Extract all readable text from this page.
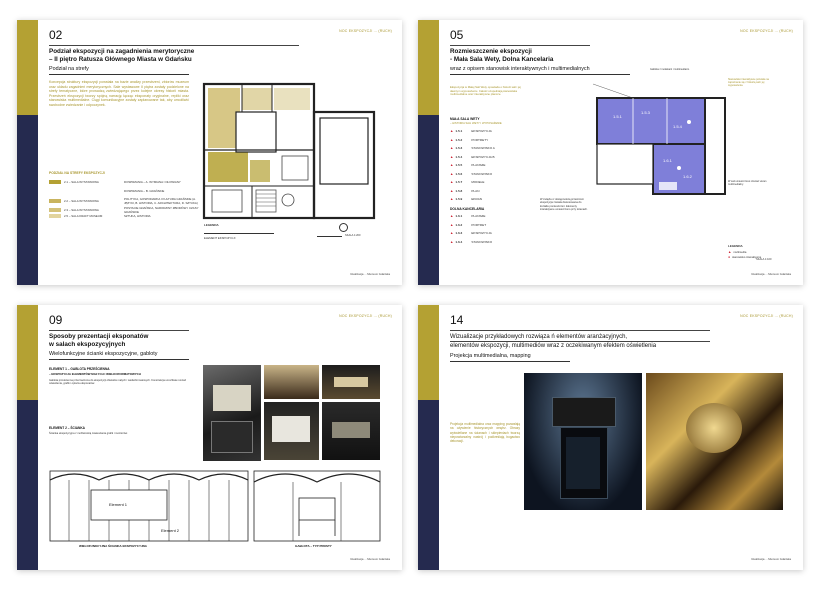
NOC EKSPOZYCJI ... (RUCH)
02
Podział ekspozycji na zagadnienia merytoryczne
– II piętro Ratusza Głównego Miasta w Gdańsku
Podział na strefy
Koncepcja struktury ekspozycji powstała na bazie analizy przestrzeni, zbiorów muzeum oraz układu zagadnień merytorycznych. Sale wystawowe II piętra zostały podzielone na strefy tematyczne, które prowadzą zwiedzającego przez kolejne okresy historii miasta. Przestrzeń ekspozycji tworzy spójną narrację łącząc eksponaty oryginalne, repliki oraz stanowiska multimedialne. Ciągi komunikacyjne zostały zaplanowane tak, aby umożliwić swobodne zwiedzanie i odpoczynek.
PODZIAŁ NA STREFY EKSPOZYCJI
LEGENDA
ELEMENT EKSPOZYCJI
SKALA 1:200
Realizacja ... Muzeum Gdańska
2.1 – SALA WYSTAWOWA	DOSPRZANIA – A. WYMIANA I OŁOWIANY
DOSPRZANIA – B. GDAŃSKIE
2.2 – SALA WYSTAWOWA	POLITYKA, GOSPODARKA I KULTURA GDAŃSKIE (A. JĘZYKI, B. HISTORIA, C. ARCHITEKTURA, D. SZTUKA)
2.3 – SALA WYSTAWOWA	POSTACIE GDAŃSKA, NARODZINY ZBIORÓW I CZASY GDAŃSKIE
2.5 – SALA KRAFT MUSEUM	SZTUKA, HISTORIA
NOC EKSPOZYCJI ... (RUCH)
05
Rozmieszczenie ekspozycji
- Mała Sala Wety, Dolna Kancelaria
wraz z opisem stanowisk interaktywnych i multimedialnych
Ekspozycja w Małej Sali Wety opowiada o historii sali i jej dawnym wyposażeniu. Całość uzupełniają stanowiska multimedialne oraz interaktywne plansze.
MAŁA SALA WETY
– HISTORIA SALI WETY I WYPOSAŻENIE
DOLNA KANCELARIA
W związku z dostępnością przestrzeni ekspozycja została dostosowana do kształtu pomieszczeń. Elementy interaktywne umieszczono przy ścianach.
1.5.1
1.5.3
1.5.4
1.6.1
1.6.2
Gablota z modelami i multimediami.
Stanowisko interaktywne pozwala na zapoznanie się z historią sali i jej wyposażenia.
W sali umieszczono również ekran multimedialny.
LEGENDA
SKALA 1:100
Realizacja ... Muzeum Gdańska
▲ 1.5.1	EKSPOZYCJA
▲ 1.5.2	PORTRETY
▲ 1.5.3	STANOWISKO A
▲ 1.5.4	EKSPOZYCJA B
▲ 1.5.5	PLANSZE
▲ 1.5.6	STANOWISKO
▲ 1.5.7	MODELE
▲ 1.5.8	PLAN
▲ 1.5.9	EKRAN
▲ 1.6.1	PLANSZE
▲ 1.6.2	PORTRET
▲ 1.6.3	EKSPOZYCJA
▲ 1.6.4	STANOWISKO
▲ multimedia
● stanowisko interaktywne
NOC EKSPOZYCJI ... (RUCH)
09
Sposoby prezentacji eksponatów
w salach ekspozycyjnych
Wielofunkcyjne ścianki ekspozycyjne, gabloty
ELEMENT 1 – GABLOTA PRZEŚCIENNA
– EKSPOZYCJA ELEMENTÓW MAŁYCH I WIELKOFORMATOWYCH
Gablota prześcienna przeznaczona do ekspozycji obiektów małych i wielkoformatowych. Konstrukcja umożliwia montaż oświetlenia, grafik i opisów eksponatów.
ELEMENT 2 – ŚCIANKA
Ścianka ekspozycyjna z możliwością zawieszania grafik i monitorów.
Element 1
Element 2
WIELOFUNKCYJNA ŚCIANKA EKSPOZYCYJNA	GABLOTA – TYP PROSTY
Realizacja ... Muzeum Gdańska
NOC EKSPOZYCJI ... (RUCH)
14
Wizualizacje przykładowych rozwiąza ń elementów aranżacyjnych,
elementów ekspozycji, multimediów wraz z oczekiwanym efektem oświetlenia
Projekcja multimedialna, mapping
Projekcja multimedialna oraz mapping pozwalają na ożywienie historycznych wnętrz. Obrazy wyświetlane na ścianach i sklepieniach tworzą niepowtarzalny nastrój i podkreślają bogactwo dekoracji.
Realizacja ... Muzeum Gdańska
